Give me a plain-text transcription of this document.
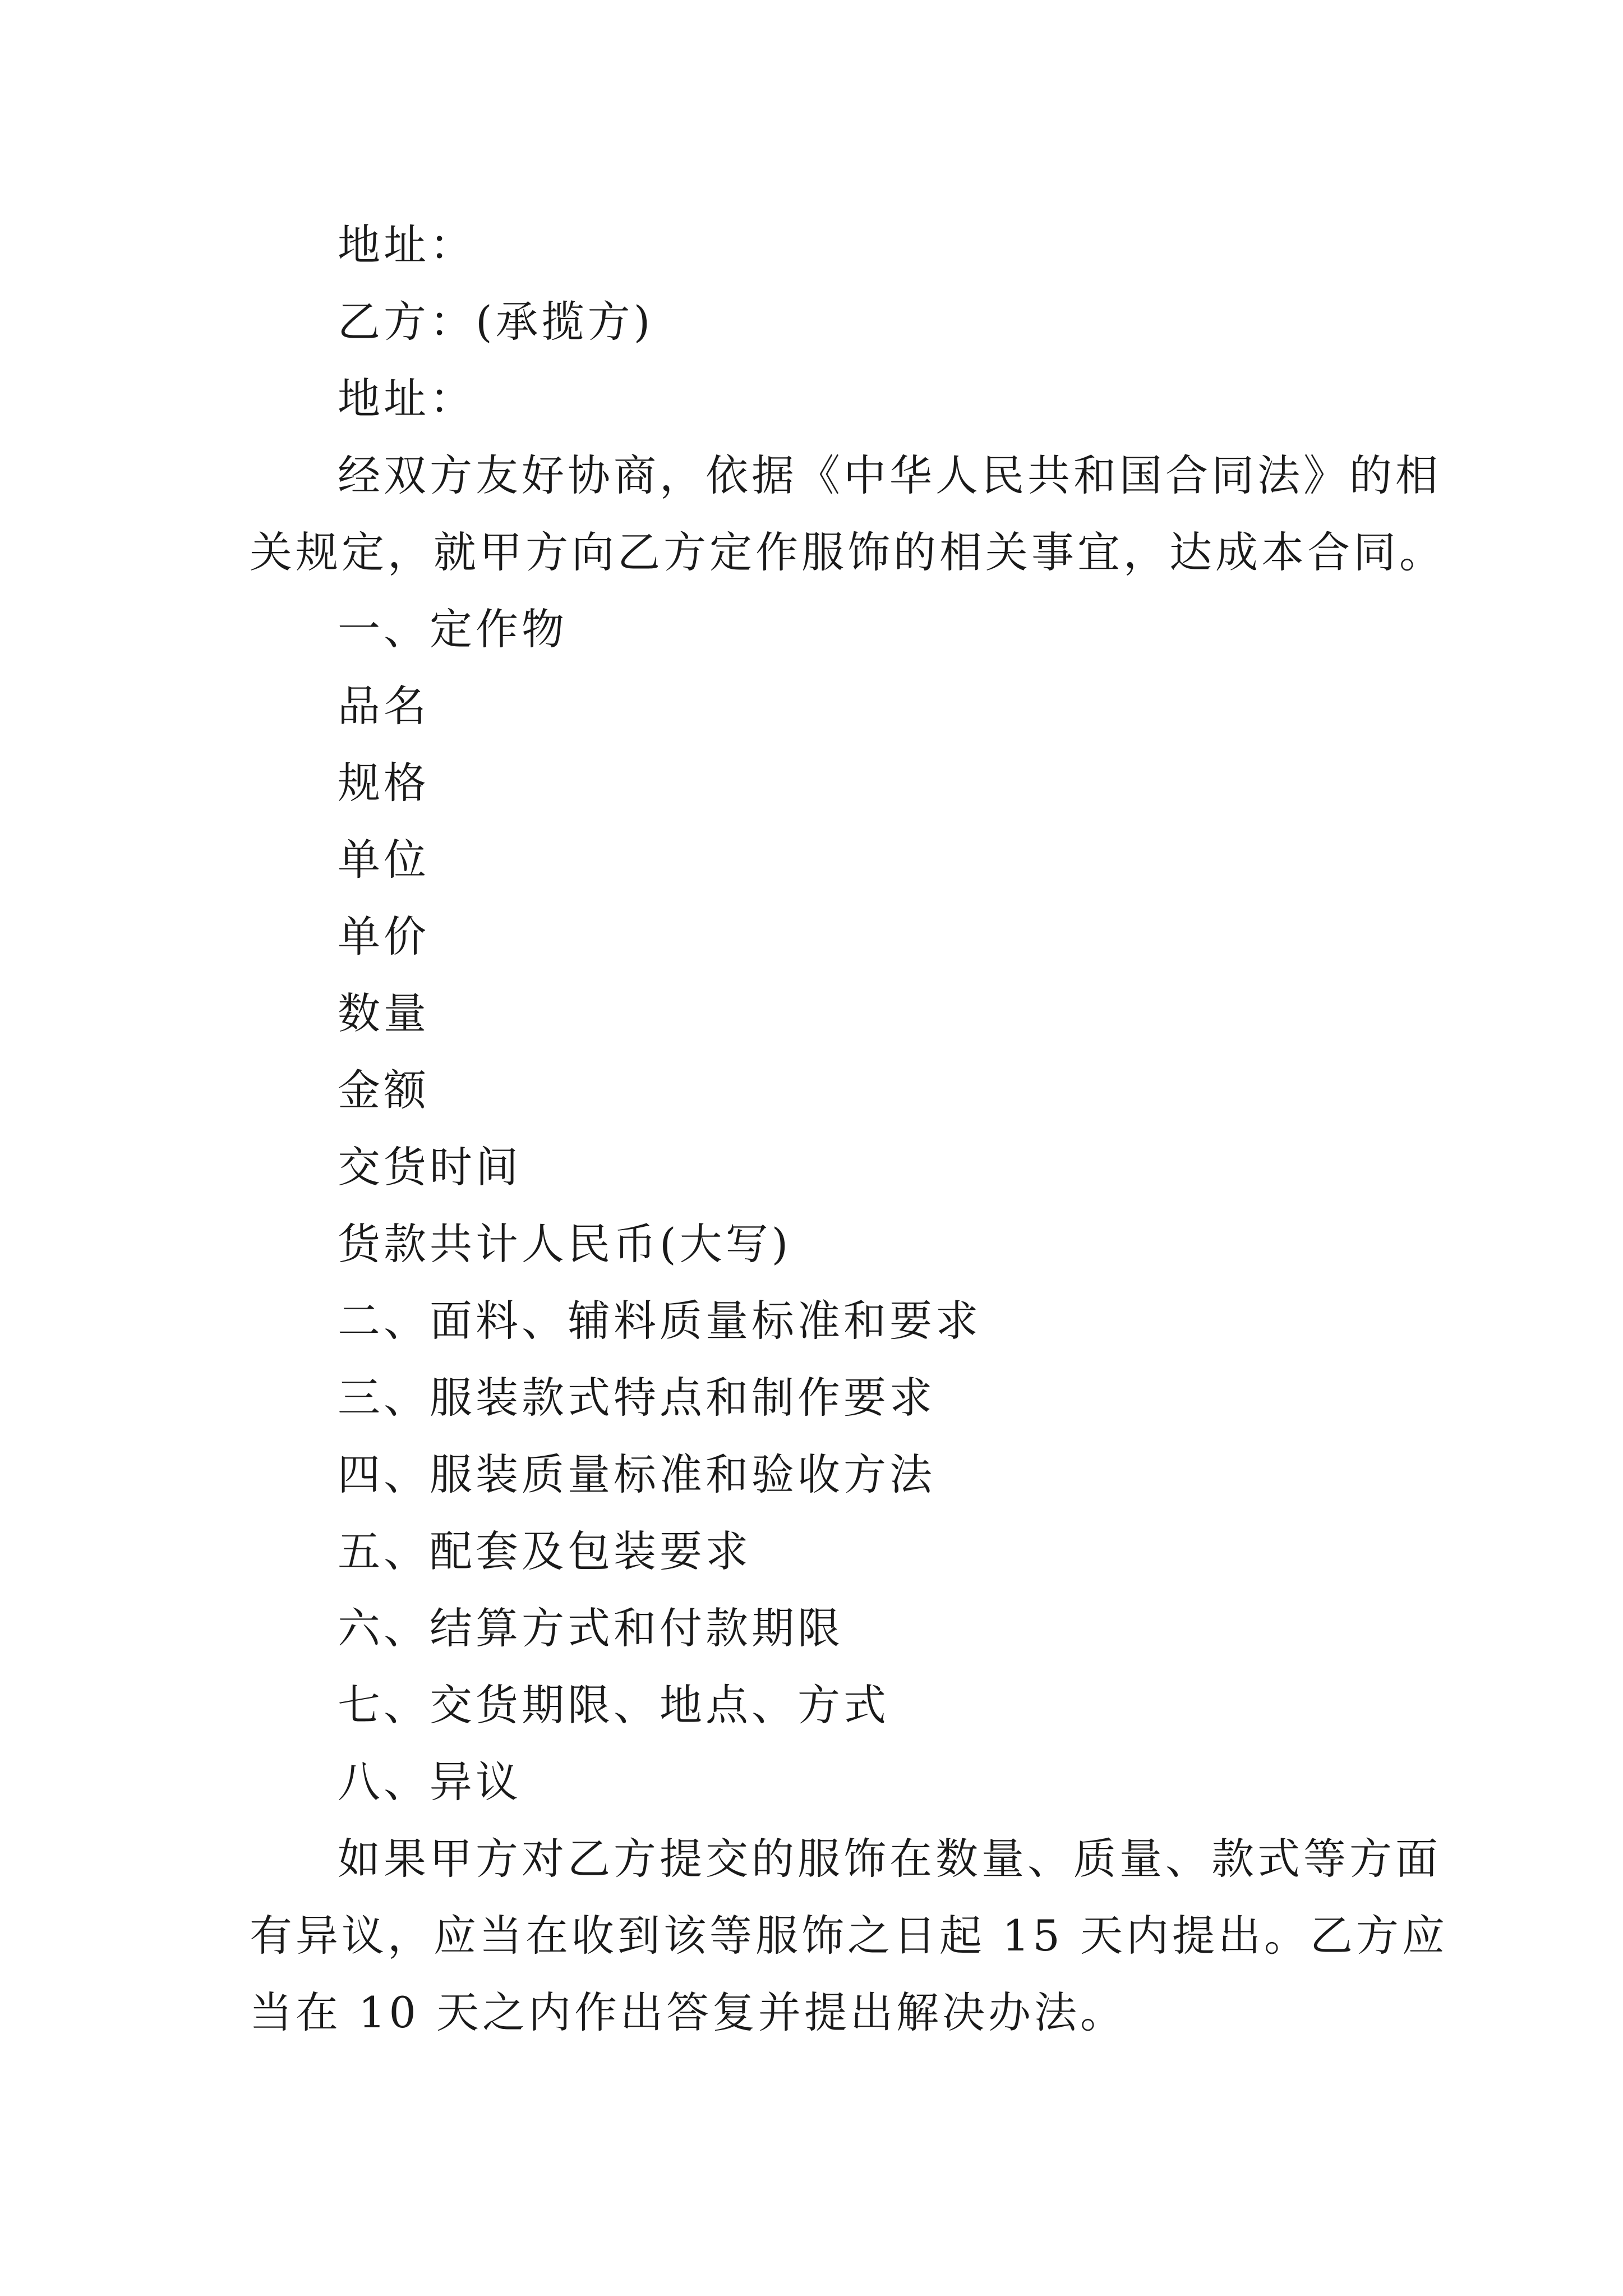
地址：
乙方：(承揽方)
地址：
经双方友好协商，依据《中华人民共和国合同法》的相
关规定，就甲方向乙方定作服饰的相关事宜，达成本合同。
一、定作物
品名
规格
单位
单价
数量
金额
交货时间
货款共计人民币(大写)
二、面料、辅料质量标准和要求
三、服装款式特点和制作要求
四、服装质量标准和验收方法
五、配套及包装要求
六、结算方式和付款期限
七、交货期限、地点、方式
八、异议
如果甲方对乙方提交的服饰在数量、质量、款式等方面
有异议，应当在收到该等服饰之日起 15 天内提出。乙方应
当在 10 天之内作出答复并提出解决办法。
